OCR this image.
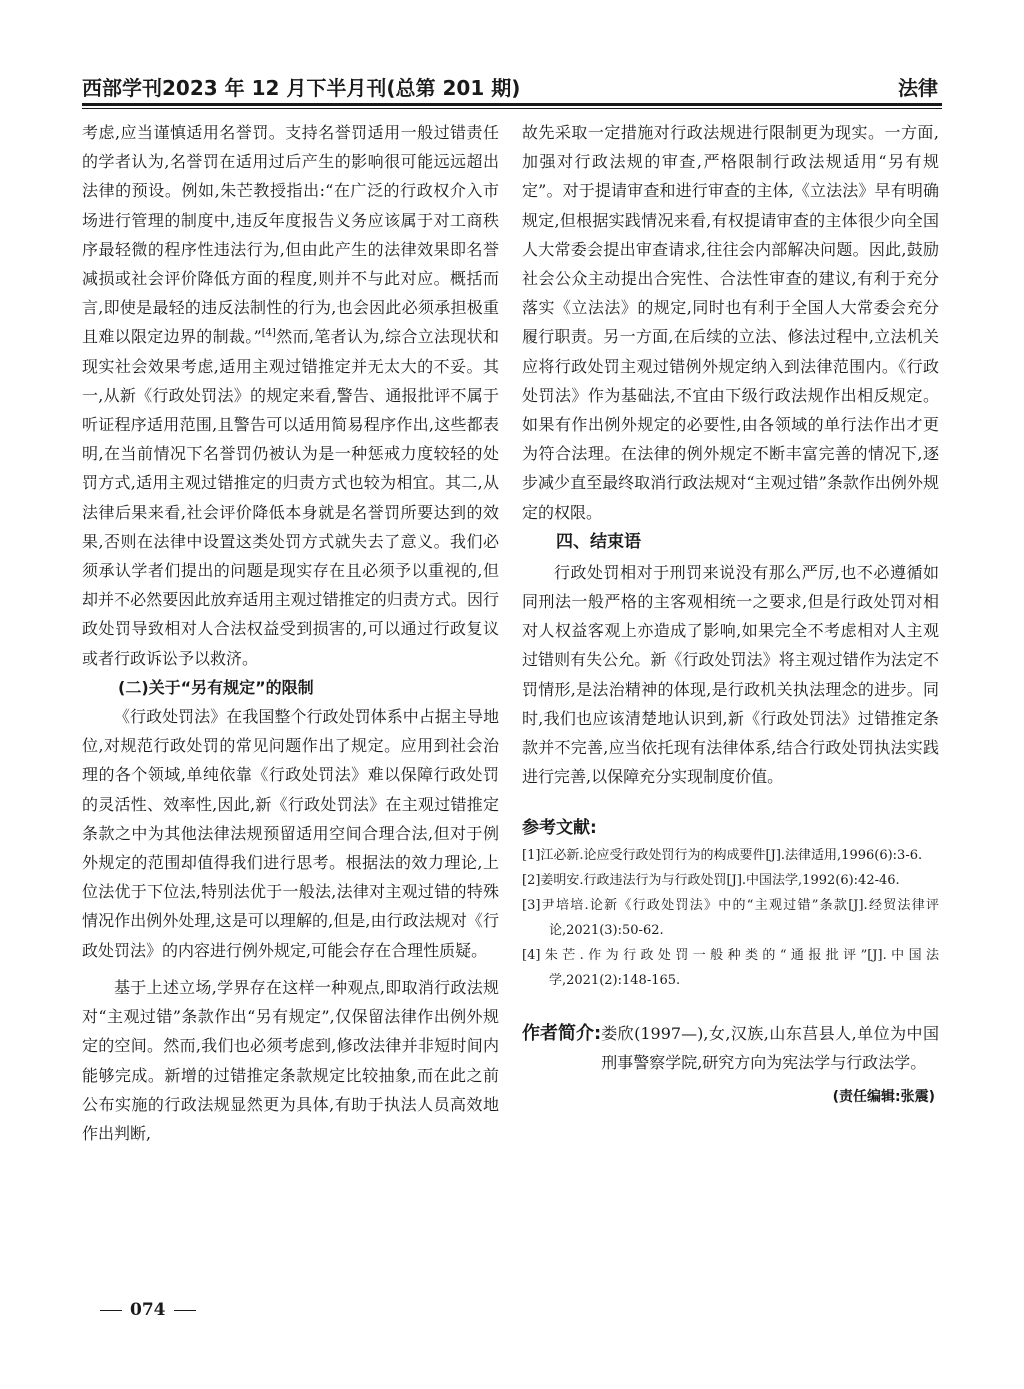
西部学刊2023 年 12 月下半月刊(总第 201 期)	法律

考虑,应当谨慎适用名誉罚。支持名誉罚适用一般过错责任的学者认为,名誉罚在适用过后产生的影响很可能远远超出法律的预设。例如,朱芒教授指出:“在广泛的行政权介入市场进行管理的制度中,违反年度报告义务应该属于对工商秩序最轻微的程序性违法行为,但由此产生的法律效果即名誉减损或社会评价降低方面的程度,则并不与此对应。概括而言,即使是最轻的违反法制性的行为,也会因此必须承担极重且难以限定边界的制裁。”[4]然而,笔者认为,综合立法现状和现实社会效果考虑,适用主观过错推定并无太大的不妥。其一,从新《行政处罚法》的规定来看,警告、通报批评不属于听证程序适用范围,且警告可以适用简易程序作出,这些都表明,在当前情况下名誉罚仍被认为是一种惩戒力度较轻的处罚方式,适用主观过错推定的归责方式也较为相宜。其二,从法律后果来看,社会评价降低本身就是名誉罚所要达到的效果,否则在法律中设置这类处罚方式就失去了意义。我们必须承认学者们提出的问题是现实存在且必须予以重视的,但却并不必然要因此放弃适用主观过错推定的归责方式。因行政处罚导致相对人合法权益受到损害的,可以通过行政复议或者行政诉讼予以救济。

(二)关于“另有规定”的限制

《行政处罚法》在我国整个行政处罚体系中占据主导地位,对规范行政处罚的常见问题作出了规定。应用到社会治理的各个领域,单纯依靠《行政处罚法》难以保障行政处罚的灵活性、效率性,因此,新《行政处罚法》在主观过错推定条款之中为其他法律法规预留适用空间合理合法,但对于例外规定的范围却值得我们进行思考。根据法的效力理论,上位法优于下位法,特别法优于一般法,法律对主观过错的特殊情况作出例外处理,这是可以理解的,但是,由行政法规对《行政处罚法》的内容进行例外规定,可能会存在合理性质疑。

基于上述立场,学界存在这样一种观点,即取消行政法规对“主观过错”条款作出“另有规定”,仅保留法律作出例外规定的空间。然而,我们也必须考虑到,修改法律并非短时间内能够完成。新增的过错推定条款规定比较抽象,而在此之前公布实施的行政法规显然更为具体,有助于执法人员高效地作出判断,

故先采取一定措施对行政法规进行限制更为现实。一方面,加强对行政法规的审查,严格限制行政法规适用“另有规定”。对于提请审查和进行审查的主体,《立法法》早有明确规定,但根据实践情况来看,有权提请审查的主体很少向全国人大常委会提出审查请求,往往会内部解决问题。因此,鼓励社会公众主动提出合宪性、合法性审查的建议,有利于充分落实《立法法》的规定,同时也有利于全国人大常委会充分履行职责。另一方面,在后续的立法、修法过程中,立法机关应将行政处罚主观过错例外规定纳入到法律范围内。《行政处罚法》作为基础法,不宜由下级行政法规作出相反规定。如果有作出例外规定的必要性,由各领域的单行法作出才更为符合法理。在法律的例外规定不断丰富完善的情况下,逐步减少直至最终取消行政法规对“主观过错”条款作出例外规定的权限。

四、结束语

行政处罚相对于刑罚来说没有那么严厉,也不必遵循如同刑法一般严格的主客观相统一之要求,但是行政处罚对相对人权益客观上亦造成了影响,如果完全不考虑相对人主观过错则有失公允。新《行政处罚法》将主观过错作为法定不罚情形,是法治精神的体现,是行政机关执法理念的进步。同时,我们也应该清楚地认识到,新《行政处罚法》过错推定条款并不完善,应当依托现有法律体系,结合行政处罚执法实践进行完善,以保障充分实现制度价值。

参考文献:
[1]江必新.论应受行政处罚行为的构成要件[J].法律适用,1996(6):3-6.
[2]姜明安.行政违法行为与行政处罚[J].中国法学,1992(6):42-46.
[3]尹培培.论新《行政处罚法》中的“主观过错”条款[J].经贸法律评论,2021(3):50-62.
[4]朱芒.作为行政处罚一般种类的“通报批评”[J].中国法学,2021(2):148-165.
作者简介: 娄欣(1997—),女,汉族,山东莒县人,单位为中国刑事警察学院,研究方向为宪法学与行政法学。
(责任编辑:张震)
074
